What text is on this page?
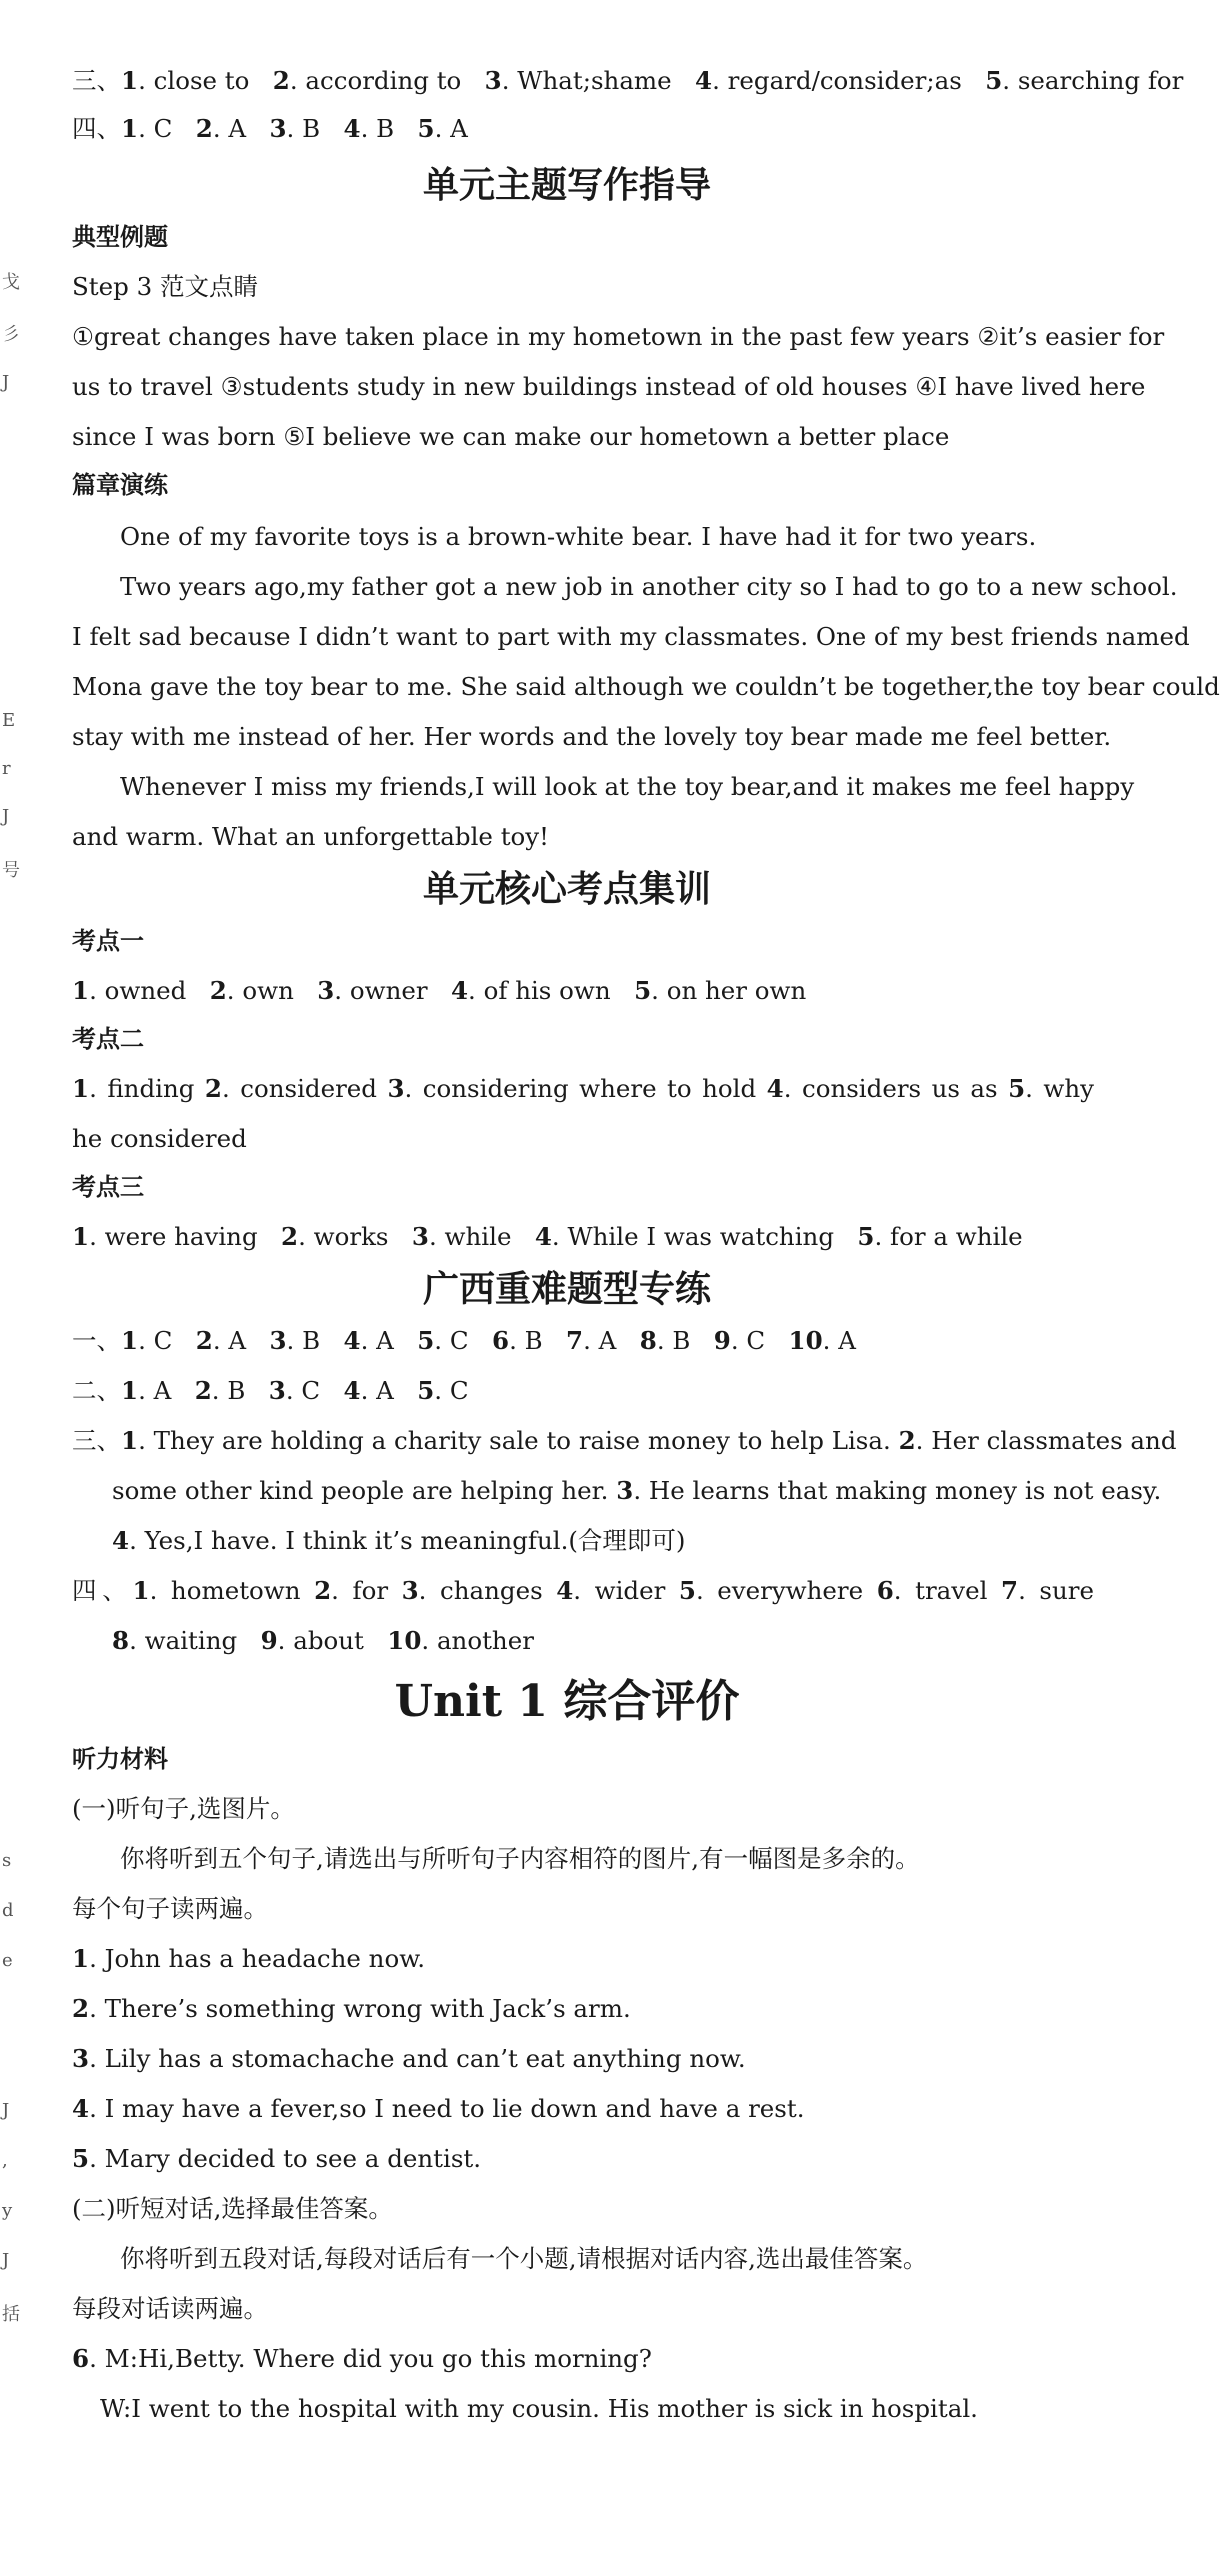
三、1. close to 2. according to 3. What;shame 4. regard/consider;as 5. searching for
四、1. C 2. A 3. B 4. B 5. A
单元主题写作指导
典型例题
Step 3 范文点睛
①great changes have taken place in my hometown in the past few years ②it’s easier for
us to travel ③students study in new buildings instead of old houses ④I have lived here
since I was born ⑤I believe we can make our hometown a better place
篇章演练
One of my favorite toys is a brown-white bear. I have had it for two years.
Two years ago,my father got a new job in another city so I had to go to a new school.
I felt sad because I didn’t want to part with my classmates. One of my best friends named
Mona gave the toy bear to me. She said although we couldn’t be together,the toy bear could
stay with me instead of her. Her words and the lovely toy bear made me feel better.
Whenever I miss my friends,I will look at the toy bear,and it makes me feel happy
and warm. What an unforgettable toy!
单元核心考点集训
考点一
1. owned 2. own 3. owner 4. of his own 5. on her own
考点二
1. finding 2. considered 3. considering where to hold 4. considers us as 5. why
he considered
考点三
1. were having 2. works 3. while 4. While I was watching 5. for a while
广西重难题型专练
一、1. C 2. A 3. B 4. A 5. C 6. B 7. A 8. B 9. C 10. A
二、1. A 2. B 3. C 4. A 5. C
三、1. They are holding a charity sale to raise money to help Lisa. 2. Her classmates and
some other kind people are helping her. 3. He learns that making money is not easy.
4. Yes,I have. I think it’s meaningful.(合理即可)
四、1. hometown 2. for 3. changes 4. wider 5. everywhere 6. travel 7. sure
8. waiting 9. about 10. another
Unit 1 综合评价
听力材料
(一)听句子,选图片。
你将听到五个句子,请选出与所听句子内容相符的图片,有一幅图是多余的。
每个句子读两遍。
1. John has a headache now.
2. There’s something wrong with Jack’s arm.
3. Lily has a stomachache and can’t eat anything now.
4. I may have a fever,so I need to lie down and have a rest.
5. Mary decided to see a dentist.
(二)听短对话,选择最佳答案。
你将听到五段对话,每段对话后有一个小题,请根据对话内容,选出最佳答案。
每段对话读两遍。
6. M:Hi,Betty. Where did you go this morning?
W:I went to the hospital with my cousin. His mother is sick in hospital.
戈
彡
J
E
r
J
号
s
d
e
J
,
y
J
括
